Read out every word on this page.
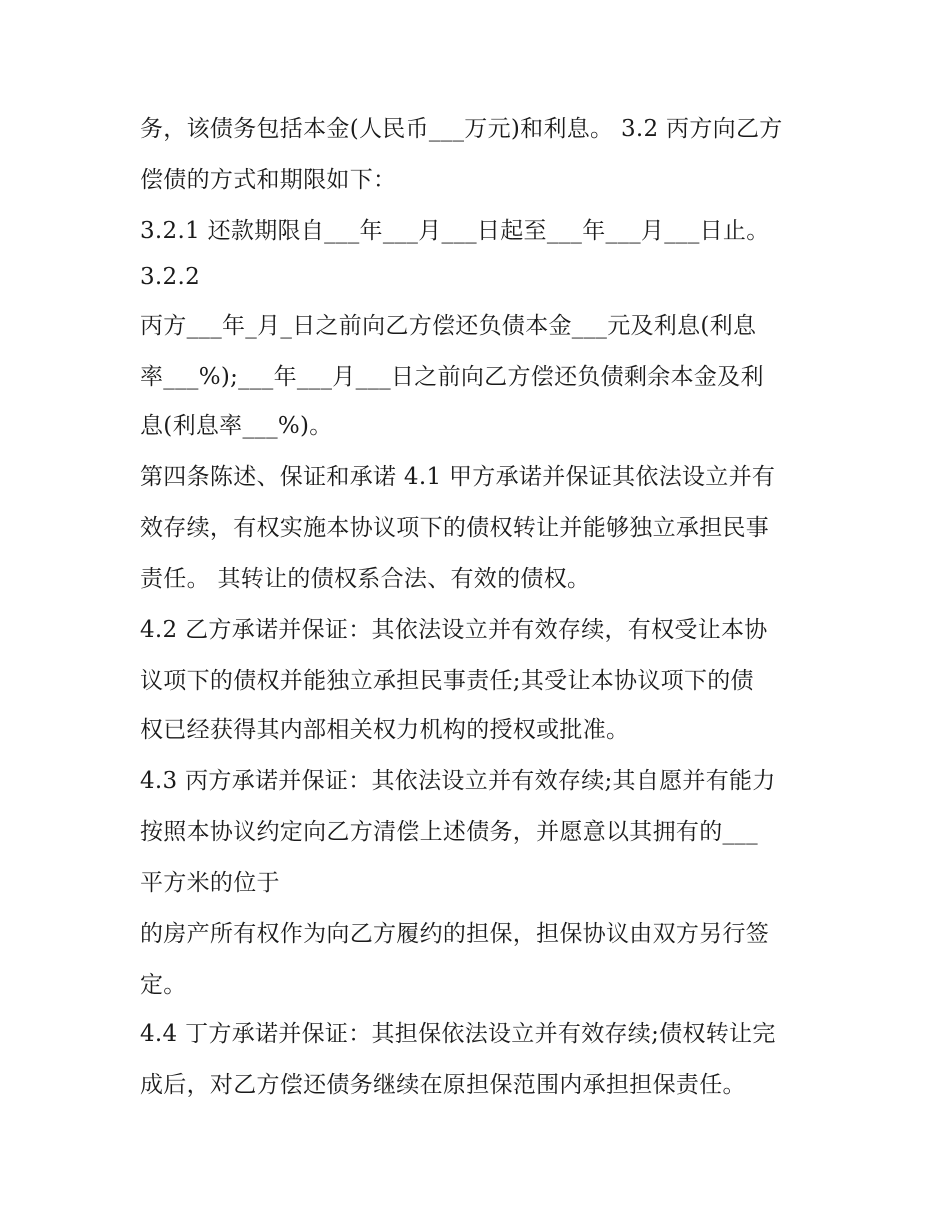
务，该债务包括本金(人民币___万元)和利息。 3.2 丙方向乙方
偿债的方式和期限如下：
3.2.1 还款期限自___年___月___日起至___年___月___日止。
3.2.2
丙方___年_月_日之前向乙方偿还负债本金___元及利息(利息
率___%);___年___月___日之前向乙方偿还负债剩余本金及利
息(利息率___%)。
第四条陈述、保证和承诺 4.1 甲方承诺并保证其依法设立并有
效存续，有权实施本协议项下的债权转让并能够独立承担民事
责任。 其转让的债权系合法、有效的债权。
4.2 乙方承诺并保证：其依法设立并有效存续，有权受让本协
议项下的债权并能独立承担民事责任;其受让本协议项下的债
权已经获得其内部相关权力机构的授权或批准。
4.3 丙方承诺并保证：其依法设立并有效存续;其自愿并有能力
按照本协议约定向乙方清偿上述债务，并愿意以其拥有的___
平方米的位于
的房产所有权作为向乙方履约的担保，担保协议由双方另行签
定。
4.4 丁方承诺并保证：其担保依法设立并有效存续;债权转让完
成后，对乙方偿还债务继续在原担保范围内承担担保责任。
